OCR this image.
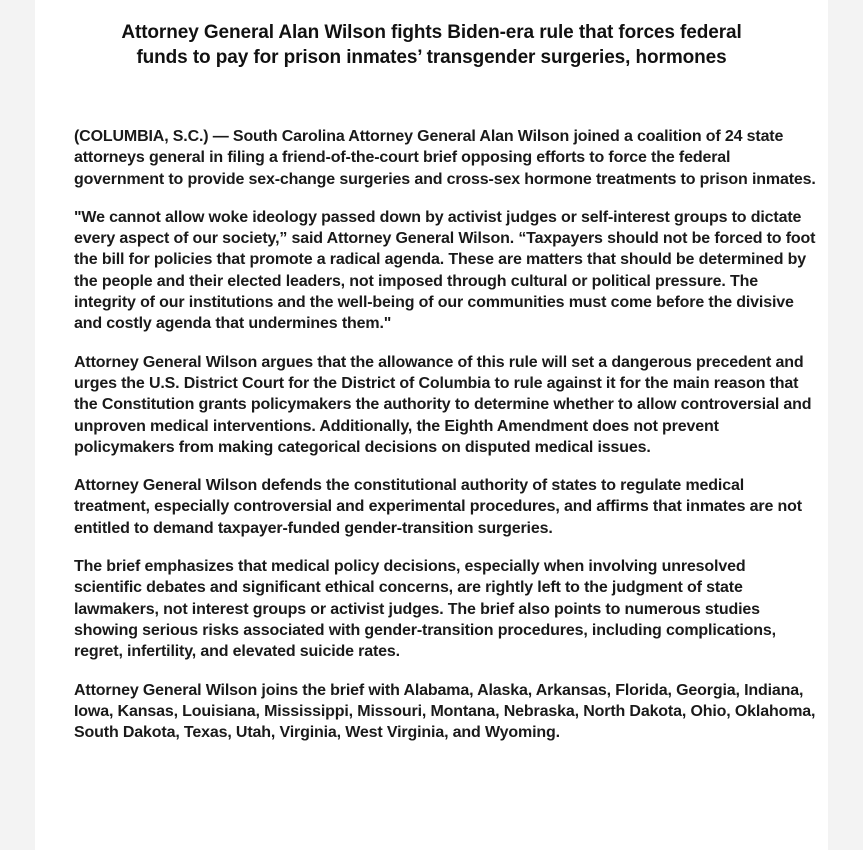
Attorney General Alan Wilson fights Biden-era rule that forces federal
funds to pay for prison inmates’ transgender surgeries, hormones

(COLUMBIA, S.C.) — South Carolina Attorney General Alan Wilson joined a coalition of 24 state attorneys general in filing a friend-of-the-court brief opposing efforts to force the federal government to provide sex-change surgeries and cross-sex hormone treatments to prison inmates.

"We cannot allow woke ideology passed down by activist judges or self-interest groups to dictate every aspect of our society,” said Attorney General Wilson. “Taxpayers should not be forced to foot the bill for policies that promote a radical agenda. These are matters that should be determined by the people and their elected leaders, not imposed through cultural or political pressure. The integrity of our institutions and the well-being of our communities must come before the divisive and costly agenda that undermines them."

Attorney General Wilson argues that the allowance of this rule will set a dangerous precedent and urges the U.S. District Court for the District of Columbia to rule against it for the main reason that the Constitution grants policymakers the authority to determine whether to allow controversial and unproven medical interventions. Additionally, the Eighth Amendment does not prevent policymakers from making categorical decisions on disputed medical issues.

Attorney General Wilson defends the constitutional authority of states to regulate medical treatment, especially controversial and experimental procedures, and affirms that inmates are not entitled to demand taxpayer-funded gender-transition surgeries.

The brief emphasizes that medical policy decisions, especially when involving unresolved scientific debates and significant ethical concerns, are rightly left to the judgment of state lawmakers, not interest groups or activist judges. The brief also points to numerous studies showing serious risks associated with gender-transition procedures, including complications, regret, infertility, and elevated suicide rates.

Attorney General Wilson joins the brief with Alabama, Alaska, Arkansas, Florida, Georgia, Indiana, Iowa, Kansas, Louisiana, Mississippi, Missouri, Montana, Nebraska, North Dakota, Ohio, Oklahoma, South Dakota, Texas, Utah, Virginia, West Virginia, and Wyoming.
